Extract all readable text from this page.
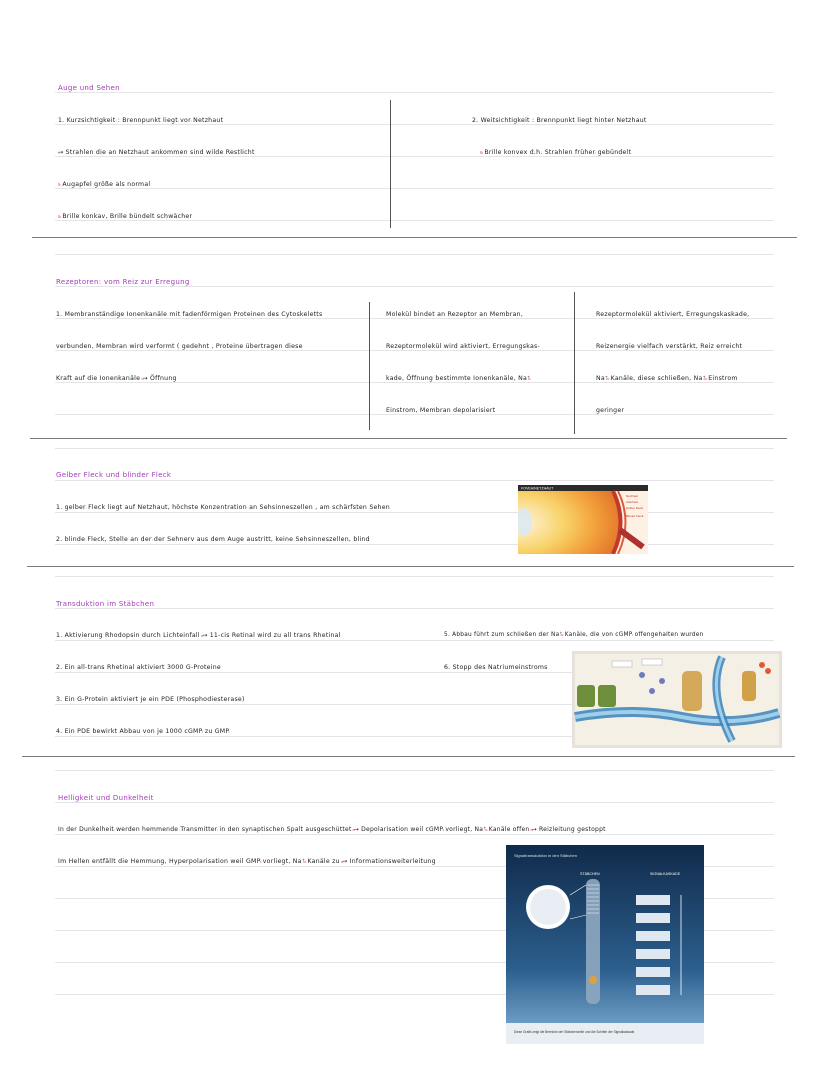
Auge und Sehen
1. Kurzsichtigkeit : Brennpunkt liegt vor Netzhaut
→ Strahlen die an Netzhaut ankommen sind wilde Restlicht
· Augapfel größe als normal
· Brille konkav, Brille bündelt schwächer
2. Weitsichtigkeit : Brennpunkt liegt hinter Netzhaut
· Brille konvex d.h. Strahlen früher gebündelt
Rezeptoren: vom Reiz zur Erregung
1. Membranständige Ionenkanäle mit fadenförmigen Proteinen des Cytoskeletts
verbunden, Membran wird verformt ( gedehnt , Proteine übertragen diese
Kraft auf die Ionenkanäle → Öffnung
Molekül bindet an Rezeptor an Membran,
Rezeptormolekül wird aktiviert, Erregungskas-
kade, Öffnung bestimmte Ionenkanäle, Na⁺
Einstrom, Membran depolarisiert
Rezeptormolekül aktiviert, Erregungskaskade,
Reizenergie vielfach verstärkt, Reiz erreicht
Na⁺ Kanäle, diese schließen, Na⁺ Einstrom
geringer
Gelber Fleck und blinder Fleck
1. gelber Fleck liegt auf Netzhaut, höchste Konzentration an Sehsinneszellen , am schärfsten Sehen
2. blinde Fleck, Stelle an der der Sehnerv aus dem Auge austritt, keine Sehsinneszellen, blind
FOVEA/NETZHAUT
Netzhaut
Aderhaut
Gelber Fleck
Blinder Fleck
Transduktion im Stäbchen
1. Aktivierung Rhodopsin durch Lichteinfall → 11-cis Retinal wird zu all trans Rhetinal
2. Ein all-trans Rhetinal aktiviert 3000 G-Proteine
3. Ein G-Protein aktiviert je ein PDE (Phosphodiesterase)
4. Ein PDE bewirkt Abbau von je 1000 cGMP zu GMP
5. Abbau führt zum schließen der Na⁺ Kanäle, die von cGMP offengehalten wurden
6. Stopp des Natriumeinstroms
Helligkeit und Dunkelheit
In der Dunkelheit werden hemmende Transmitter in den synaptischen Spalt ausgeschüttet → Depolarisation weil cGMP vorliegt, Na⁺ Kanäle offen → Reizleitung gestoppt
Im Hellen entfällt die Hemmung, Hyperpolarisation weil GMP vorliegt, Na⁺ Kanäle zu → Informationsweiterleitung
Signaltransduktion in den Stäbchen
STÄBCHEN	SIGNALKASKADE
Diese Grafik zeigt die Bereiche der Stäbchenzelle und die Schritte der Signalkaskade.
